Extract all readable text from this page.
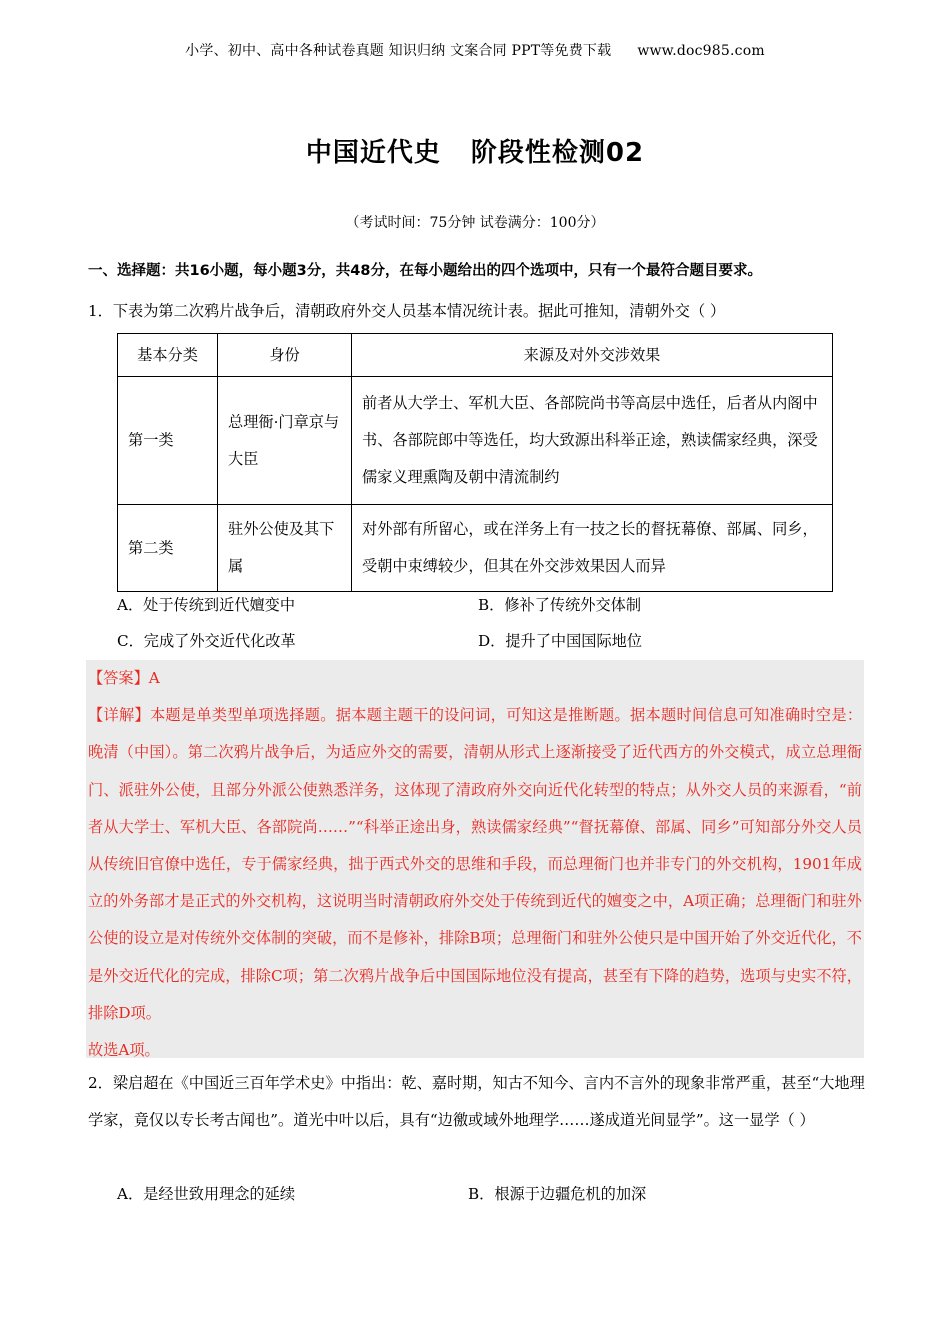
小学、初中、高中各种试卷真题 知识归纳 文案合同 PPT等免费下载 www.doc985.com
中国近代史 阶段性检测02
（考试时间：75分钟 试卷满分：100分）
一、选择题：共16小题，每小题3分，共48分，在每小题给出的四个选项中，只有一个最符合题目要求。
1．下表为第二次鸦片战争后，清朝政府外交人员基本情况统计表。据此可推知，清朝外交（ ）
基本分类	身份	来源及对外交涉效果
第一类	总理衙·门章京与大臣	前者从大学士、军机大臣、各部院尚书等高层中选任，后者从内阁中书、各部院郎中等选任，均大致源出科举正途，熟读儒家经典，深受儒家义理熏陶及朝中清流制约
第二类	驻外公使及其下属	对外部有所留心，或在洋务上有一技之长的督抚幕僚、部属、同乡，受朝中束缚较少，但其在外交涉效果因人而异
A．处于传统到近代嬗变中	B．修补了传统外交体制
C．完成了外交近代化改革	D．提升了中国国际地位

【答案】A

【详解】本题是单类型单项选择题。据本题主题干的设问词，可知这是推断题。据本题时间信息可知准确时空是：晚清（中国）。第二次鸦片战争后，为适应外交的需要，清朝从形式上逐渐接受了近代西方的外交模式，成立总理衙门、派驻外公使，且部分外派公使熟悉洋务，这体现了清政府外交向近代化转型的特点；从外交人员的来源看，“前者从大学士、军机大臣、各部院尚……”“科举正途出身，熟读儒家经典”“督抚幕僚、部属、同乡”可知部分外交人员从传统旧官僚中选任，专于儒家经典，拙于西式外交的思维和手段，而总理衙门也并非专门的外交机构，1901年成立的外务部才是正式的外交机构，这说明当时清朝政府外交处于传统到近代的嬗变之中，A项正确；总理衙门和驻外公使的设立是对传统外交体制的突破，而不是修补，排除B项；总理衙门和驻外公使只是中国开始了外交近代化，不是外交近代化的完成，排除C项；第二次鸦片战争后中国国际地位没有提高，甚至有下降的趋势，选项与史实不符，排除D项。

故选A项。

2．梁启超在《中国近三百年学术史》中指出：乾、嘉时期，知古不知今、言内不言外的现象非常严重，甚至“大地理学家，竟仅以专长考古闻也”。道光中叶以后，具有“边徼或域外地理学……遂成道光间显学”。这一显学（ ）
A．是经世致用理念的延续	B．根源于边疆危机的加深
